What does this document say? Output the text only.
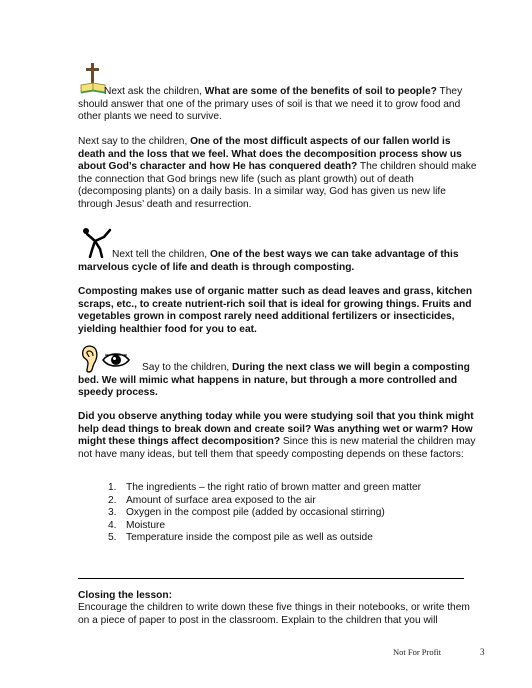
Next ask the children, What are some of the benefits of soil to people? They should answer that one of the primary uses of soil is that we need it to grow food and other plants we need to survive.

Next say to the children, One of the most difficult aspects of our fallen world is death and the loss that we feel. What does the decomposition process show us about God’s character and how He has conquered death? The children should make the connection that God brings new life (such as plant growth) out of death (decomposing plants) on a daily basis. In a similar way, God has given us new life through Jesus’ death and resurrection.

Next tell the children, One of the best ways we can take advantage of this marvelous cycle of life and death is through composting.

Composting makes use of organic matter such as dead leaves and grass, kitchen scraps, etc., to create nutrient-rich soil that is ideal for growing things. Fruits and vegetables grown in compost rarely need additional fertilizers or insecticides, yielding healthier food for you to eat.

Say to the children, During the next class we will begin a composting bed. We will mimic what happens in nature, but through a more controlled and speedy process.

Did you observe anything today while you were studying soil that you think might help dead things to break down and create soil? Was anything wet or warm? How might these things affect decomposition? Since this is new material the children may not have many ideas, but tell them that speedy composting depends on these factors:

1. The ingredients – the right ratio of brown matter and green matter
2. Amount of surface area exposed to the air
3. Oxygen in the compost pile (added by occasional stirring)
4. Moisture
5. Temperature inside the compost pile as well as outside

Closing the lesson:

Encourage the children to write down these five things in their notebooks, or write them on a piece of paper to post in the classroom. Explain to the children that you will

Not For Profit	3
